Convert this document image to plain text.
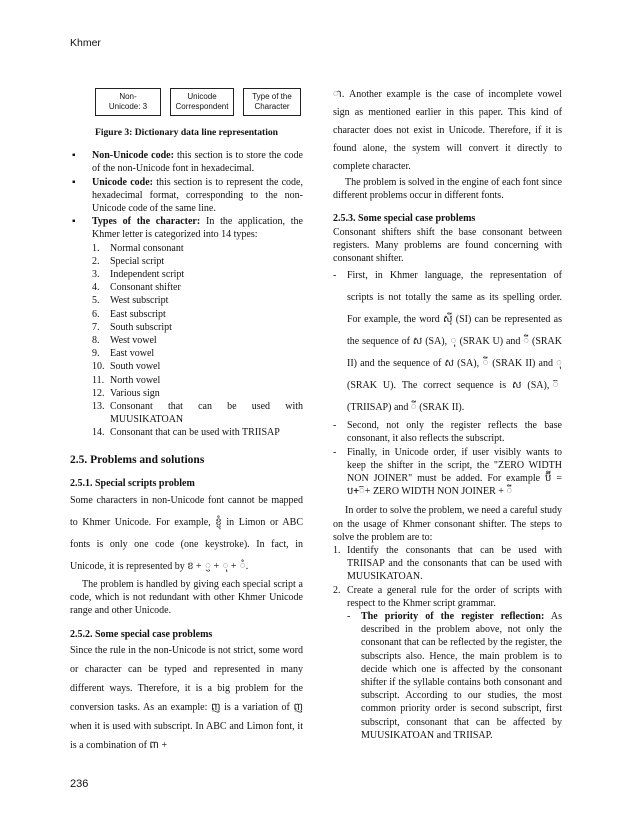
Khmer
Non-
Unicode: 3
Unicode
Correspondent
Type of the
Character

Figure 3: Dictionary data line representation

▪ Non-Unicode code: this section is to store the code of the non-Unicode font in hexadecimal.
▪ Unicode code: this section is to represent the code, hexadecimal format, corresponding to the non-Unicode code of the same line.
▪ Types of the character: In the application, the Khmer letter is categorized into 14 types:
1. Normal consonant
2. Special script
3. Independent script
4. Consonant shifter
5. West subscript
6. East subscript
7. South subscript
8. West vowel
9. East vowel
10. South vowel
11. North vowel
12. Various sign
13. Consonant that can be used with MUUSIKATOAN
14. Consonant that can be used with TRIISAP
2.5. Problems and solutions
2.5.1. Special scripts problem

Some characters in non-Unicode font cannot be mapped to Khmer Unicode. For example, ខ្ញុំ in Limon or ABC fonts is only one code (one keystroke). In fact, in Unicode, it is represented by ខ + ្ញ + ុ + ំ.

The problem is handled by giving each special script a code, which is not redundant with other Khmer Unicode range and other Unicode.

2.5.2. Some special case problems

Since the rule in the non-Unicode is not strict, some word or character can be typed and represented in many different ways. Therefore, it is a big problem for the conversion tasks. As an example: ញ is a variation of ញ when it is used with subscript. In ABC and Limon font, it is a combination of ពា +

ា. Another example is the case of incomplete vowel sign as mentioned earlier in this paper. This kind of character does not exist in Unicode. Therefore, if it is found alone, the system will convert it directly to complete character.

The problem is solved in the engine of each font since different problems occur in different fonts.

2.5.3. Some special case problems

Consonant shifters shift the base consonant between registers. Many problems are found concerning with consonant shifter.

- First, in Khmer language, the representation of scripts is not totally the same as its spelling order. For example, the word ស៊ី (SI) can be represented as the sequence of ស (SA), ុ (SRAK U) and ី (SRAK II) and the sequence of ស (SA), ី (SRAK II) and ុ (SRAK U). The correct sequence is ស (SA), ៊ (TRIISAP) and ី (SRAK II).
- Second, not only the register reflects the base consonant, it also reflects the subscript.
- Finally, in Unicode order, if user visibly wants to keep the shifter in the script, the "ZERO WIDTH NON JOINER" must be added. For example ប៊ី = ប+៊+ ZERO WIDTH NON JOINER + ី

In order to solve the problem, we need a careful study on the usage of Khmer consonant shifter. The steps to solve the problem are to:

1. Identify the consonants that can be used with TRIISAP and the consonants that can be used with MUUSIKATOAN.
2. Create a general rule for the order of scripts with respect to the Khmer script grammar.
- The priority of the register reflection: As described in the problem above, not only the consonant that can be reflected by the register, the subscripts also. Hence, the main problem is to decide which one is affected by the consonant shifter if the syllable contains both consonant and subscript. According to our studies, the most common priority order is second subscript, first subscript, consonant that can be affected by MUUSIKATOAN and TRIISAP.
236
